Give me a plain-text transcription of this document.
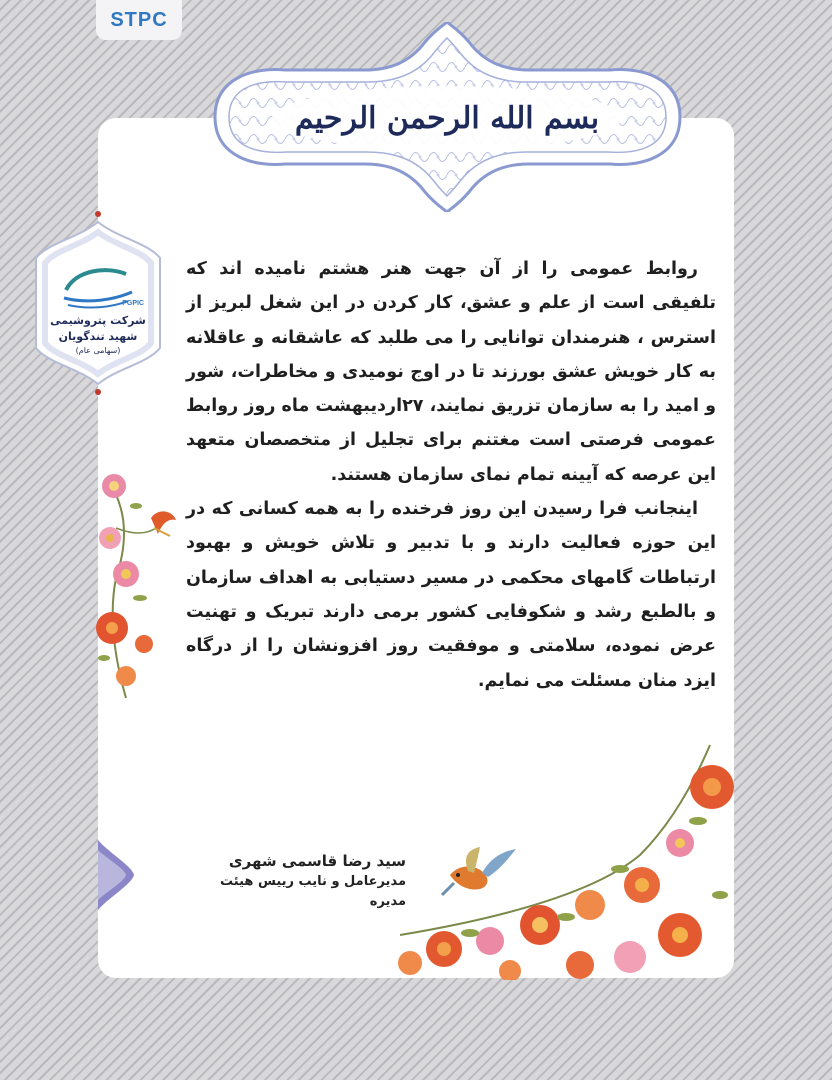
STPC
بسم الله الرحمن الرحیم
PGPIC
شرکت پتروشیمی شهید تندگویان
(سهامی عام)

روابط عمومی را از آن جهت هنر هشتم نامیده اند که تلفیقی است از علم و عشق، کار کردن در این شغل لبریز از استرس ، هنرمندان توانایی را می طلبد که عاشقانه و عاقلانه به کار خویش عشق بورزند تا در اوج نومیدی و مخاطرات، شور و امید را به سازمان تزریق نمایند، ۲۷اردیبهشت ماه روز روابط عمومی فرصتی است مغتنم برای تجلیل از متخصصان متعهد این عرصه که آیینه تمام نمای سازمان هستند.

اینجانب فرا رسیدن این روز فرخنده را به همه کسانی که در این حوزه فعالیت دارند و با تدبیر و تلاش خویش و بهبود ارتباطات گامهای محکمی در مسیر دستیابی به اهداف سازمان و بالطبع رشد و شکوفایی کشور برمی دارند تبریک و تهنیت عرض نموده، سلامتی و موفقیت روز افزونشان را از درگاه ایزد منان مسئلت می نمایم.

سید رضا قاسمی شهری
مدیرعامل و نایب رییس هیئت مدیره
